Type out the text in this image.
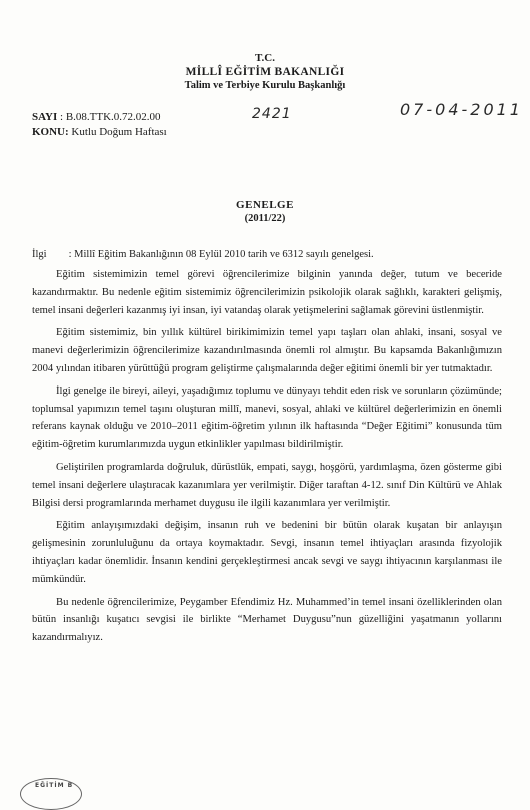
T.C.
MİLLÎ EĞİTİM BAKANLIĞI
Talim ve Terbiye Kurulu Başkanlığı
SAYI : B.08.TTK.0.72.02.00
KONU: Kutlu Doğum Haftası
2421	07-04-2011
GENELGE
(2011/22)
İlgi : Millî Eğitim Bakanlığının 08 Eylül 2010 tarih ve 6312 sayılı genelgesi.

Eğitim sistemimizin temel görevi öğrencilerimize bilginin yanında değer, tutum ve beceride kazandırmaktır. Bu nedenle eğitim sistemimiz öğrencilerimizin psikolojik olarak sağlıklı, karakteri gelişmiş, temel insani değerleri kazanmış iyi insan, iyi vatandaş olarak yetişmelerini sağlamak görevini üstlenmiştir.

Eğitim sistemimiz, bin yıllık kültürel birikimimizin temel yapı taşları olan ahlaki, insani, sosyal ve manevi değerlerimizin öğrencilerimize kazandırılmasında önemli rol almıştır. Bu kapsamda Bakanlığımızın 2004 yılından itibaren yürüttüğü program geliştirme çalışmalarında değer eğitimi önemli bir yer tutmaktadır.

İlgi genelge ile bireyi, aileyi, yaşadığımız toplumu ve dünyayı tehdit eden risk ve sorunların çözümünde; toplumsal yapımızın temel taşını oluşturan millî, manevi, sosyal, ahlaki ve kültürel değerlerimizin en önemli referans kaynak olduğu ve 2010–2011 eğitim-öğretim yılının ilk haftasında “Değer Eğitimi” konusunda tüm eğitim-öğretim kurumlarımızda uygun etkinlikler yapılması bildirilmiştir.

Geliştirilen programlarda doğruluk, dürüstlük, empati, saygı, hoşgörü, yardımlaşma, özen gösterme gibi temel insani değerlere ulaştıracak kazanımlara yer verilmiştir. Diğer taraftan 4-12. sınıf Din Kültürü ve Ahlak Bilgisi dersi programlarında merhamet duygusu ile ilgili kazanımlara yer verilmiştir.

Eğitim anlayışımızdaki değişim, insanın ruh ve bedenini bir bütün olarak kuşatan bir anlayışın gelişmesinin zorunluluğunu da ortaya koymaktadır. Sevgi, insanın temel ihtiyaçları arasında fizyolojik ihtiyaçları kadar önemlidir. İnsanın kendini gerçekleştirmesi ancak sevgi ve saygı ihtiyacının karşılanması ile mümkündür.

Bu nedenle öğrencilerimize, Peygamber Efendimiz Hz. Muhammed’in temel insani özelliklerinden olan bütün insanlığı kuşatıcı sevgisi ile birlikte “Merhamet Duygusu”nun güzelliğini yaşatmanın yollarını kazandırmalıyız.

EĞİTİM B
